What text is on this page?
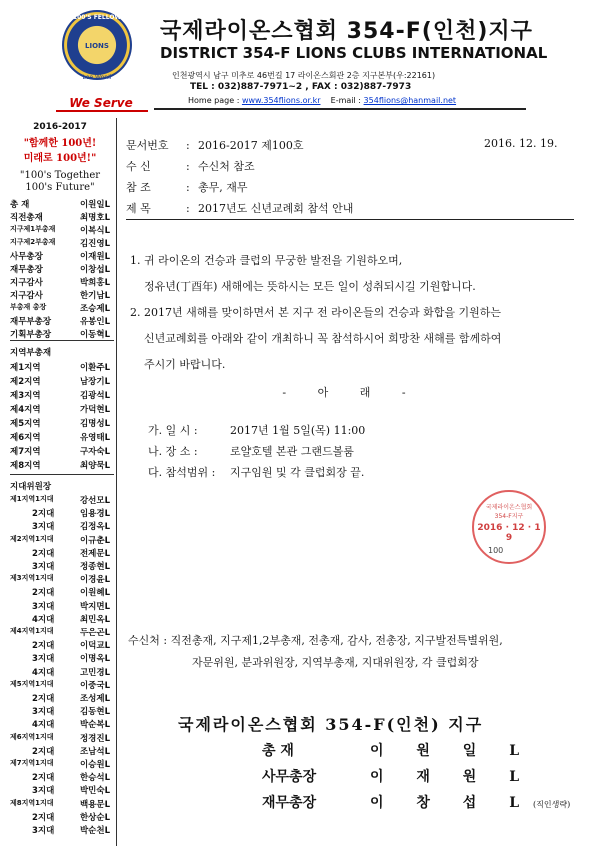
100'S FELLOW
LIONS
Lee WonIl
We Serve
국제라이온스협회 354-F(인천)지구
DISTRICT 354-F LIONS CLUBS INTERNATIONAL
인천광역시 남구 미추로 46번길 17 라이온스회관 2층 지구본부(우:22161)
TEL : 032)887-7971~2 , FAX : 032)887-7973
Home page : www.354flions.or.kr E-mail : 354flions@hanmail.net
2016-2017
"함께한 100년!
미래로 100년!"
"100's Together
100's Future"
총 재	이원일L
직전총재	최명호L
지구제1부총재	이복식L
지구제2부총재	김진영L
사무총장	이재원L
재무총장	이창섭L
지구감사	박희홍L
지구감사	한기남L
부총재 총장	조승제L
재무부총장	유봉인L
기획부총장	이동혁L
지역부총재
제1지역	이환주L
제2지역	남장기L
제3지역	김광석L
제4지역	가덕현L
제5지역	김명성L
제6지역	유영태L
제7지역	구자숙L
제8지역	최양묵L
지대위원장
제1지역1지대	강선모L
2지대	임용경L
3지대	김정옥L
제2지역1지대	이규춘L
2지대	전제문L
3지대	정종현L
제3지역1지대	이경윤L
2지대	이원혜L
3지대	박지면L
4지대	최민옥L
제4지역1지대	두은곤L
2지대	이덕교L
3지대	이명옥L
4지대	고민경L
제5지역1지대	이중국L
2지대	조성제L
3지대	김동현L
4지대	박순복L
제6지역1지대	정경진L
2지대	조남석L
제7지역1지대	이승원L
2지대	한승석L
3지대	박민숙L
제8지역1지대	백용문L
2지대	한상순L
3지대	박순천L
문서번호 : 2016-2017 제100호	2016. 12. 19.
수 신	: 수신처 참조
참 조	: 총무, 재무
제 목	: 2017년도 신년교례회 참석 안내
1. 귀 라이온의 건승과 클럽의 무궁한 발전을 기원하오며,
정유년(丁酉年) 새해에는 뜻하시는 모든 일이 성취되시길 기원합니다.
2. 2017년 새해를 맞이하면서 본 지구 전 라이온들의 건승과 화합을 기원하는
신년교례회를 아래와 같이 개최하니 꼭 참석하시어 희망찬 새해를 함께하여
주시기 바랍니다.
- 아 래 -
가. 일 시 :	2017년 1월 5일(목) 11:00
나. 장 소 :	로얄호텔 본관 그랜드볼룸
다. 참석범위 : 지구임원 및 각 클럽회장 끝.
국제라이온스협회354-F지구
2016 · 12 · 1 9
100
수신처 : 직전총재, 지구제1,2부총재, 전총재, 감사, 전총장, 지구발전특별위원,
자문위원, 분과위원장, 지역부총재, 지대위원장, 각 클럽회장
국제라이온스협회 354-F(인천) 지구
총 재	이 원 일 L
사무총장	이 재 원 L
재무총장	이 창 섭 L(직인생략)
